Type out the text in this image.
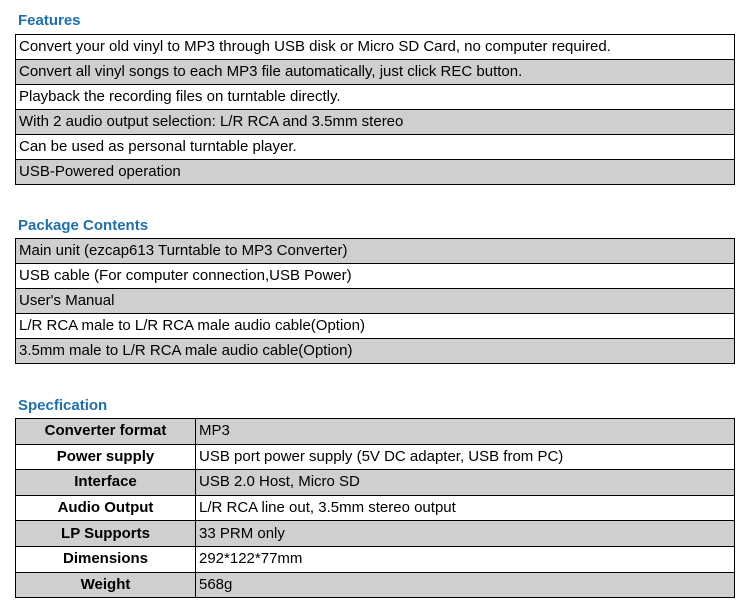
Features
Convert your old vinyl to MP3 through USB disk or Micro SD Card, no computer required.
Convert all vinyl songs to each MP3 file automatically, just click REC button.
Playback the recording files on turntable directly.
With 2 audio output selection: L/R RCA and 3.5mm stereo
Can be used as personal turntable player.
USB-Powered operation
Package Contents
Main unit (ezcap613 Turntable to MP3 Converter)
USB cable (For computer connection,USB Power)
User's Manual
L/R RCA male to L/R RCA male audio cable(Option)
3.5mm male to L/R RCA male audio cable(Option)
Specfication
Converter format	MP3
Power supply	USB port power supply (5V DC adapter, USB from PC)
Interface	USB 2.0 Host, Micro SD
Audio Output	L/R RCA line out, 3.5mm stereo output
LP Supports	33 PRM only
Dimensions	292*122*77mm
Weight	568g
